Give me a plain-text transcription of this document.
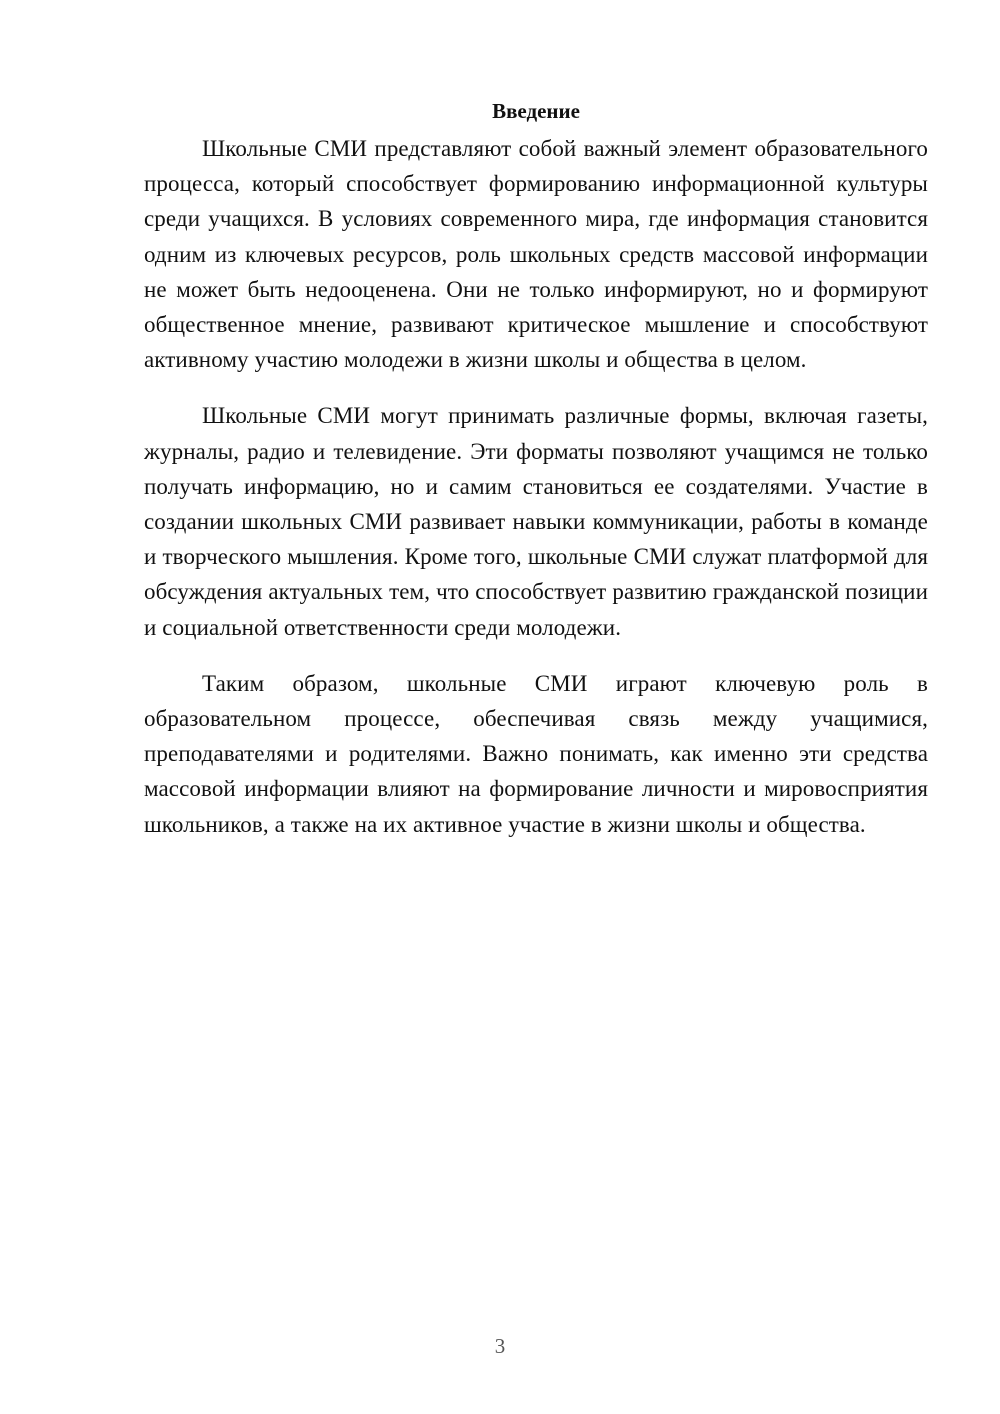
Введение

Школьные СМИ представляют собой важный элемент образовательного процесса, который способствует формированию информационной культуры среди учащихся. В условиях современного мира, где информация становится одним из ключевых ресурсов, роль школьных средств массовой информации не может быть недооценена. Они не только информируют, но и формируют общественное мнение, развивают критическое мышление и способствуют активному участию молодежи в жизни школы и общества в целом.

Школьные СМИ могут принимать различные формы, включая газеты, журналы, радио и телевидение. Эти форматы позволяют учащимся не только получать информацию, но и самим становиться ее создателями. Участие в создании школьных СМИ развивает навыки коммуникации, работы в команде и творческого мышления. Кроме того, школьные СМИ служат платформой для обсуждения актуальных тем, что способствует развитию гражданской позиции и социальной ответственности среди молодежи.

Таким образом, школьные СМИ играют ключевую роль в образовательном процессе, обеспечивая связь между учащимися, преподавателями и родителями. Важно понимать, как именно эти средства массовой информации влияют на формирование личности и мировосприятия школьников, а также на их активное участие в жизни школы и общества.

3
